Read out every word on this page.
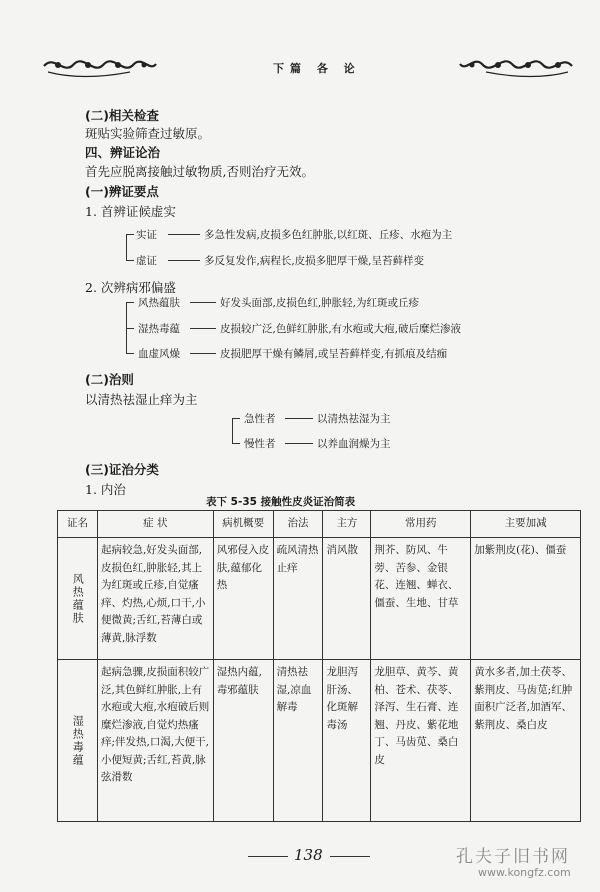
下篇 各 论
(二)相关检查
斑贴实验筛查过敏原。
四、辨证论治
首先应脱离接触过敏物质,否则治疗无效。
(一)辨证要点
1. 首辨证候虚实
实证	多急性发病,皮损多色红肿胀,以红斑、丘疹、水疱为主
虚证	多反复发作,病程长,皮损多肥厚干燥,呈苔藓样变
2. 次辨病邪偏盛
风热蕴肤	好发头面部,皮损色红,肿胀轻,为红斑或丘疹
湿热毒蕴	皮损较广泛,色鲜红肿胀,有水疱或大疱,破后糜烂渗液
血虚风燥	皮损肥厚干燥有鳞屑,或呈苔藓样变,有抓痕及结痂
(二)治则
以清热祛湿止痒为主
急性者	以清热祛湿为主
慢性者	以养血润燥为主
(三)证治分类
1. 内治
表下 5-35 接触性皮炎证治简表
证名	症 状	病机概要	治法	主方	常用药	主要加减
风热蕴肤	起病较急,好发头面部,皮损色红,肿胀轻,其上为红斑或丘疹,自觉瘙痒、灼热,心烦,口干,小便微黄;舌红,苔薄白或薄黄,脉浮数	风邪侵入皮肤,蕴郁化热	疏风清热止痒	消风散	荆芥、防风、牛蒡、苦参、金银花、连翘、蝉衣、僵蚕、生地、甘草	加紫荆皮(花)、僵蚕
湿热毒蕴	起病急骤,皮损面积较广泛,其色鲜红肿胀,上有水疱或大疱,水疱破后则糜烂渗液,自觉灼热瘙痒;伴发热,口渴,大便干,小便短黄;舌红,苔黄,脉弦滑数	湿热内蕴,毒邪蕴肤	清热祛湿,凉血解毒	龙胆泻肝汤、化斑解毒汤	龙胆草、黄芩、黄柏、苍术、茯苓、泽泻、生石膏、连翘、丹皮、紫花地丁、马齿苋、桑白皮	黄水多者,加土茯苓、紫荆皮、马齿苋;红肿面积广泛者,加酒军、紫荆皮、桑白皮
138	孔夫子旧书网
www.kongfz.com
